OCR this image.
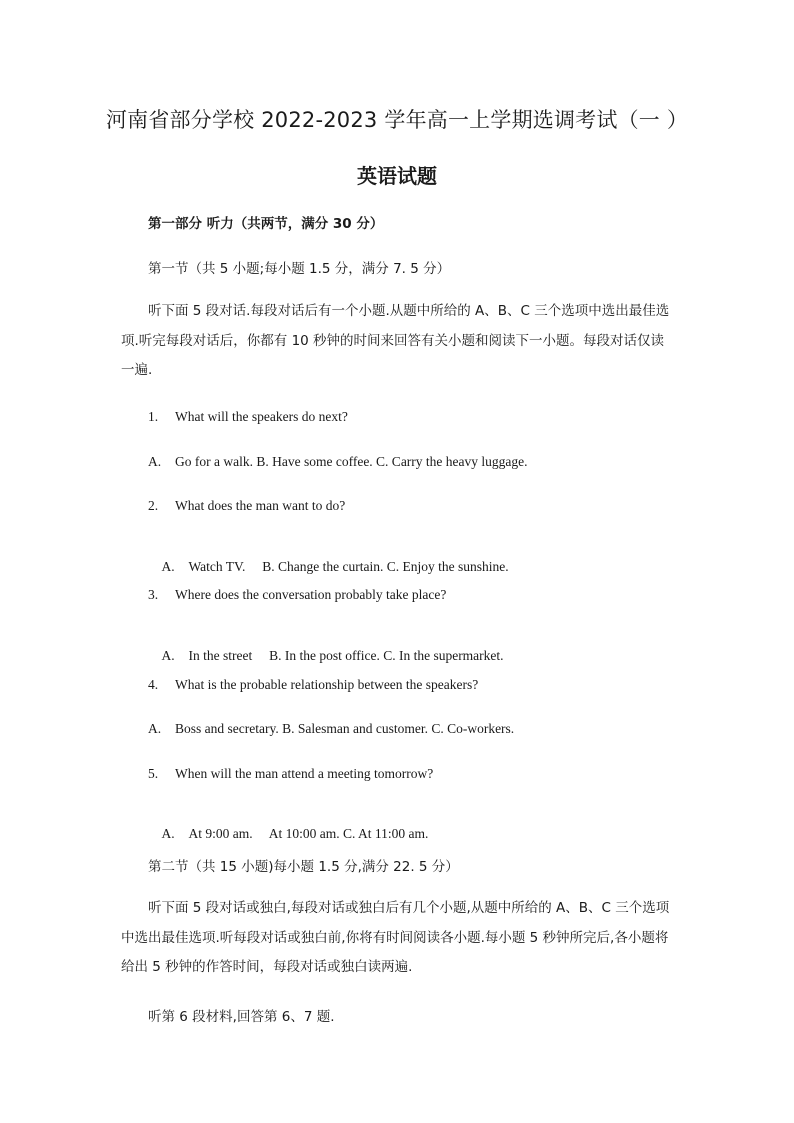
河南省部分学校 2022-2023 学年高一上学期选调考试（一 ）
英语试题
第一部分 听力（共两节，满分 30 分）
第一节（共 5 小题;每小题 1.5 分，满分 7. 5 分）
听下面 5 段对话.每段对话后有一个小题.从题中所给的 A、B、C 三个选项中选出最佳选项.听完每段对话后，你都有 10 秒钟的时间来回答有关小题和阅读下一小题。每段对话仅读一遍.
1. What will the speakers do next?
A. Go for a walk. B. Have some coffee. C. Carry the heavy luggage.
2. What does the man want to do?

A. Watch TV.     B. Change the curtain. C. Enjoy the sunshine.

3. Where does the conversation probably take place?

A. In the street     B. In the post office. C. In the supermarket.

4. What is the probable relationship between the speakers?
A. Boss and secretary. B. Salesman and customer. C. Co-workers.
5. When will the man attend a meeting tomorrow?

A. At 9:00 am.     At 10:00 am. C. At 11:00 am.

第二节（共 15 小题)每小题 1.5 分,满分 22. 5 分）
听下面 5 段对话或独白,每段对话或独白后有几个小题,从题中所给的 A、B、C 三个选项中选出最佳选项.听每段对话或独白前,你将有时间阅读各小题.每小题 5 秒钟所完后,各小题将给出 5 秒钟的作答时间，每段对话或独白读两遍.
听第 6 段材料,回答第 6、7 题.
